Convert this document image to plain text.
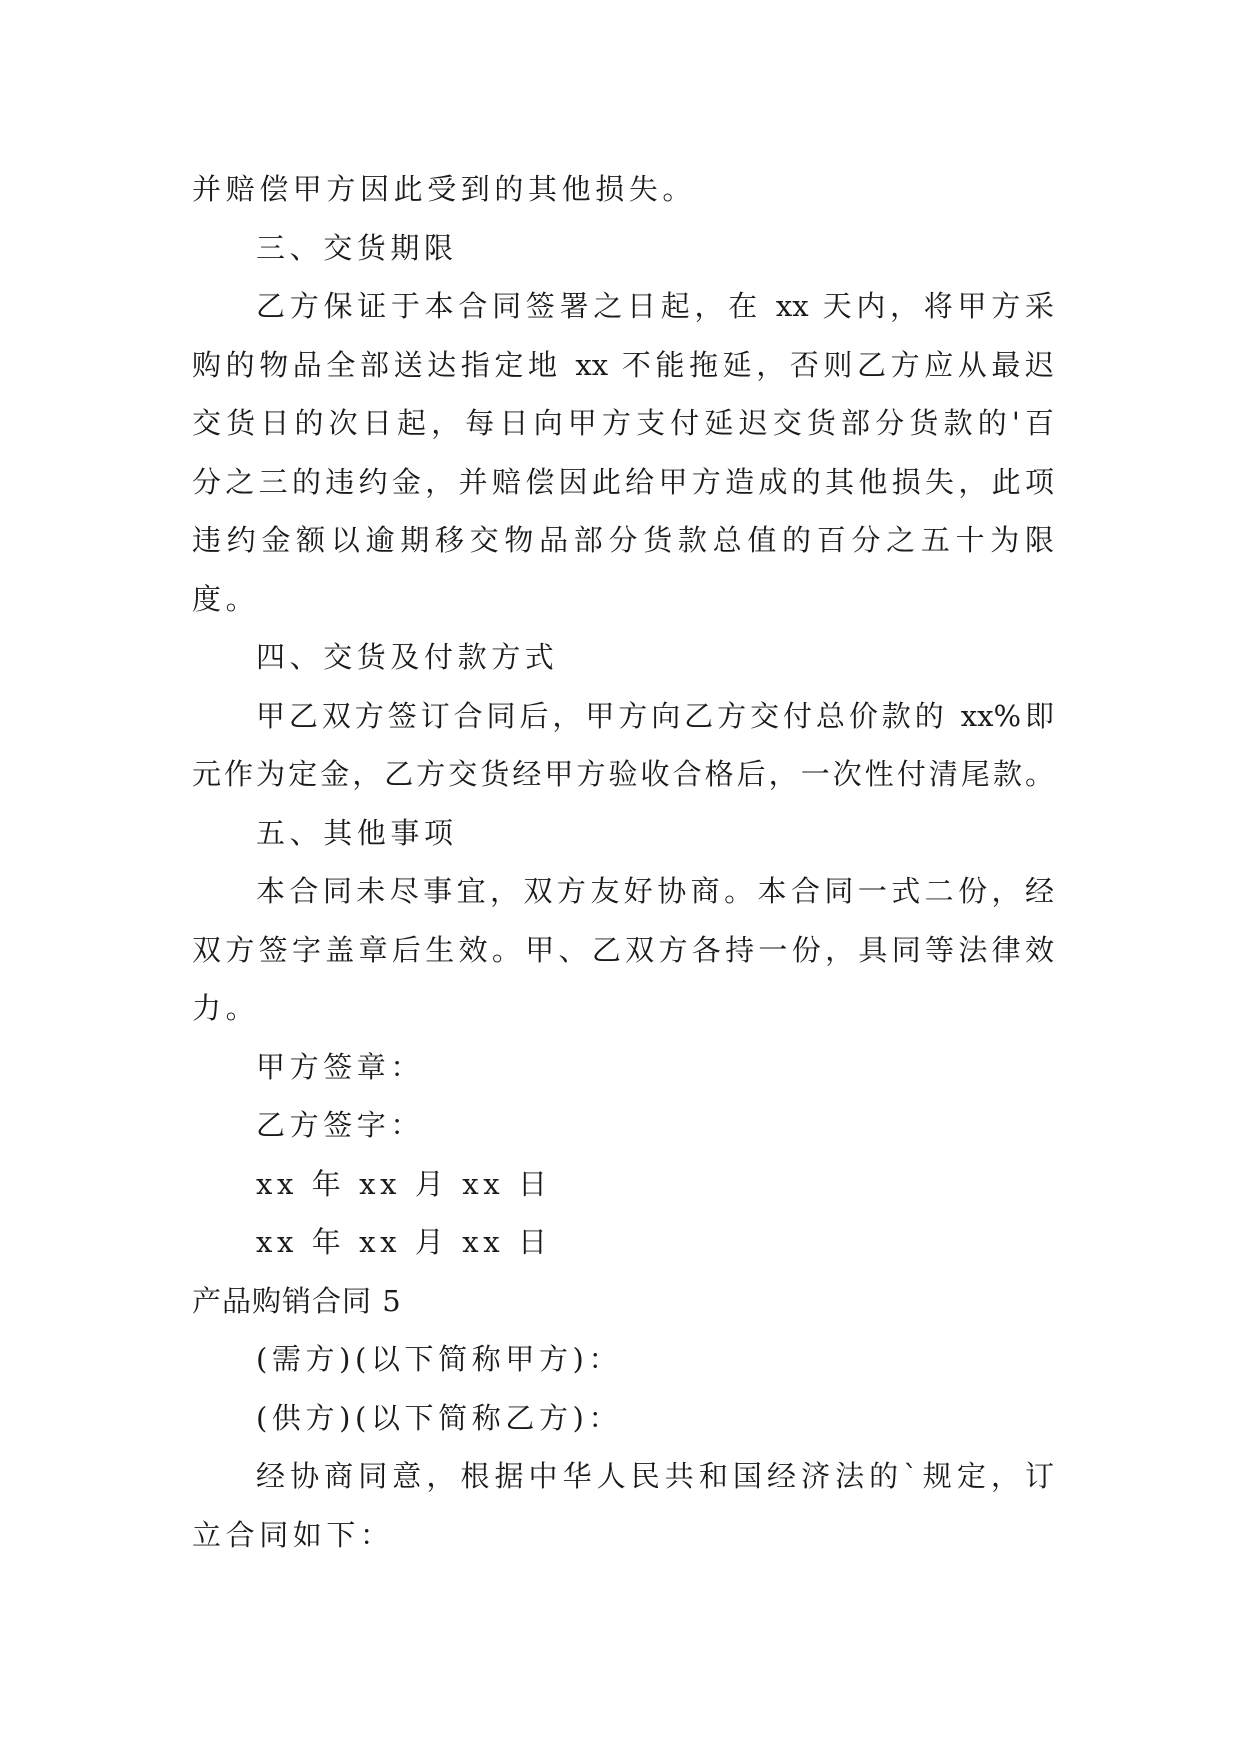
并赔偿甲方因此受到的其他损失。
三、交货期限
乙方保证于本合同签署之日起，在 xx 天内，将甲方采
购的物品全部送达指定地 xx 不能拖延，否则乙方应从最迟
交货日的次日起，每日向甲方支付延迟交货部分货款的'百
分之三的违约金，并赔偿因此给甲方造成的其他损失，此项
违约金额以逾期移交物品部分货款总值的百分之五十为限
度。
四、交货及付款方式
甲乙双方签订合同后，甲方向乙方交付总价款的 xx%即
元作为定金，乙方交货经甲方验收合格后，一次性付清尾款。
五、其他事项
本合同未尽事宜，双方友好协商。本合同一式二份，经
双方签字盖章后生效。甲、乙双方各持一份，具同等法律效
力。
甲方签章：
乙方签字：
xx 年 xx 月 xx 日
xx 年 xx 月 xx 日
产品购销合同 5
(需方)(以下简称甲方)：
(供方)(以下简称乙方)：
经协商同意，根据中华人民共和国经济法的`规定，订
立合同如下：
